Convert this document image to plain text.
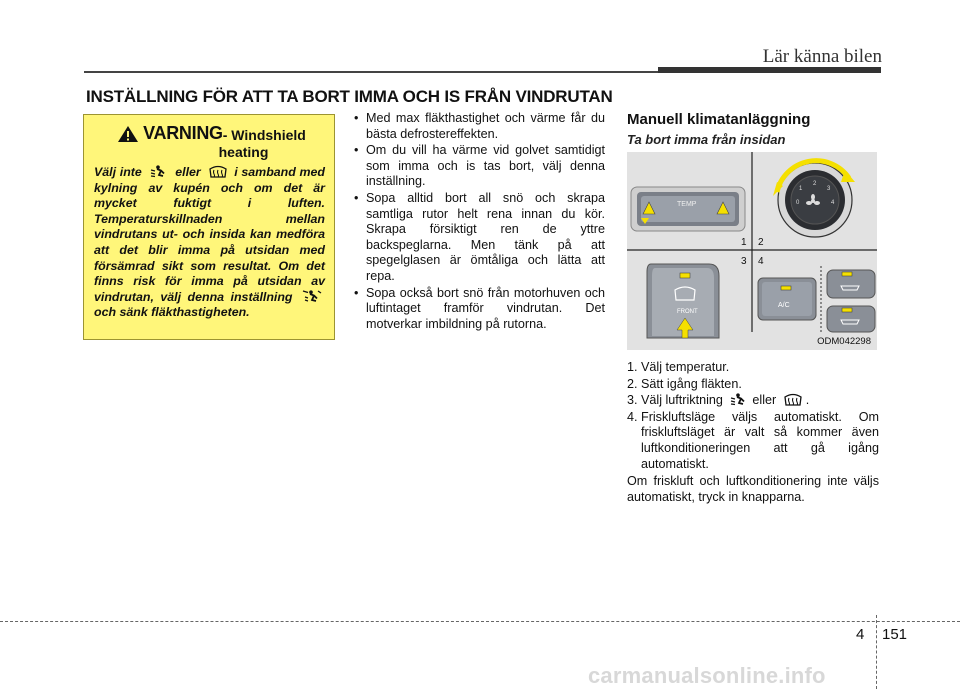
Lär känna bilen
INSTÄLLNING FÖR ATT TA BORT IMMA OCH IS FRÅN VINDRUTAN
VARNING - Windshield
heating

Välj inte	eller	i samband med kylning av kupén och om det är mycket fuktigt i luften. Temperaturskillnaden mellan vindrutans ut- och insida kan medföra att det blir imma på utsidan med försämrad sikt som resultat. Om det finns risk för imma på utsidan av vindrutan, välj denna inställning  och sänk fläkthastigheten.

• Med max fläkthastighet och värme får du bästa defrostereffekten.
• Om du vill ha värme vid golvet samtidigt som imma och is tas bort, välj denna inställning.
• Sopa alltid bort all snö och skrapa samtliga rutor helt rena innan du kör. Skrapa försiktigt ren de yttre backspeglarna. Men tänk på att spegelglasen är ömtåliga och lätta att repa.
• Sopa också bort snö från motorhuven och luftintaget framför vindrutan. Det motverkar imbildning på rutorna.
Manuell klimatanläggning
Ta bort imma från insidan
TEMP	0
1
2
3
4
1 2
3 4
FRONT
A/C
ODM042298
1. Välj temperatur.
2. Sätt igång fläkten.
3. Välj luftriktning eller .
4. Friskluftsläge väljs automatiskt. Om friskluftsläget är valt så kommer även luftkonditioneringen att gå igång automatiskt.

Om friskluft och luftkonditionering inte väljs automatiskt, tryck in knapparna.

4 151
carmanualsonline.info
